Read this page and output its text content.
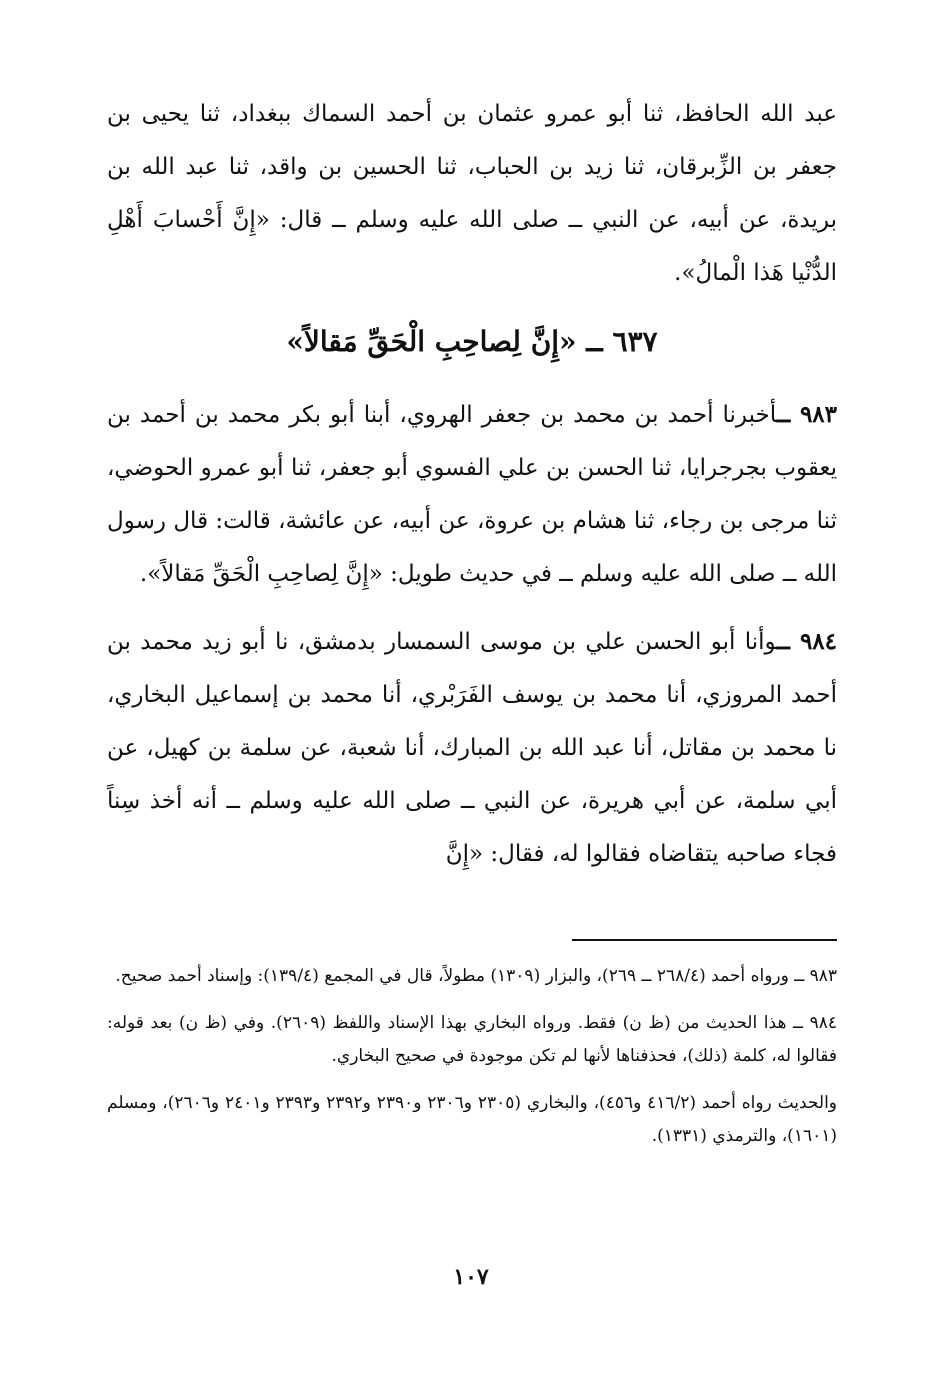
عبد الله الحافظ، ثنا أبو عمرو عثمان بن أحمد السماك ببغداد، ثنا يحيى بن جعفر بن الزِّبرقان، ثنا زيد بن الحباب، ثنا الحسين بن واقد، ثنا عبد الله بن بريدة، عن أبيه، عن النبي ــ صلى الله عليه وسلم ــ قال: «إِنَّ أَحْسابَ أَهْلِ الدُّنْيا هَذا الْمالُ».

٦٣٧ ــ «إِنَّ لِصاحِبِ الْحَقِّ مَقالاً»

٩٨٣ ــأخبرنا أحمد بن محمد بن جعفر الهروي، أبنا أبو بكر محمد بن أحمد بن يعقوب بجرجرايا، ثنا الحسن بن علي الفسوي أبو جعفر، ثنا أبو عمرو الحوضي، ثنا مرجى بن رجاء، ثنا هشام بن عروة، عن أبيه، عن عائشة، قالت: قال رسول الله ــ صلى الله عليه وسلم ــ في حديث طويل: «إِنَّ لِصاحِبِ الْحَقِّ مَقالاً».

٩٨٤ ــوأنا أبو الحسن علي بن موسى السمسار بدمشق، نا أبو زيد محمد بن أحمد المروزي، أنا محمد بن يوسف الفَرَبْري، أنا محمد بن إسماعيل البخاري، نا محمد بن مقاتل، أنا عبد الله بن المبارك، أنا شعبة، عن سلمة بن كهيل، عن أبي سلمة، عن أبي هريرة، عن النبي ــ صلى الله عليه وسلم ــ أنه أخذ سِناً فجاء صاحبه يتقاضاه فقالوا له، فقال: «إِنَّ

٩٨٣ ــ ورواه أحمد (٢٦٨/٤ ــ ٢٦٩)، والبزار (١٣٠٩) مطولاً، قال في المجمع (١٣٩/٤): وإسناد أحمد صحيح.

٩٨٤ ــ هذا الحديث من (ظ ن) فقط. ورواه البخاري بهذا الإسناد واللفظ (٢٦٠٩). وفي (ظ ن) بعد قوله: فقالوا له، كلمة (ذلك)، فحذفناها لأنها لم تكن موجودة في صحيح البخاري.

والحديث رواه أحمد (٤١٦/٢ و٤٥٦)، والبخاري (٢٣٠٥ و٢٣٠٦ و٢٣٩٠ و٢٣٩٢ و٢٣٩٣ و٢٤٠١ و٢٦٠٦)، ومسلم (١٦٠١)، والترمذي (١٣٣١).

١٠٧
